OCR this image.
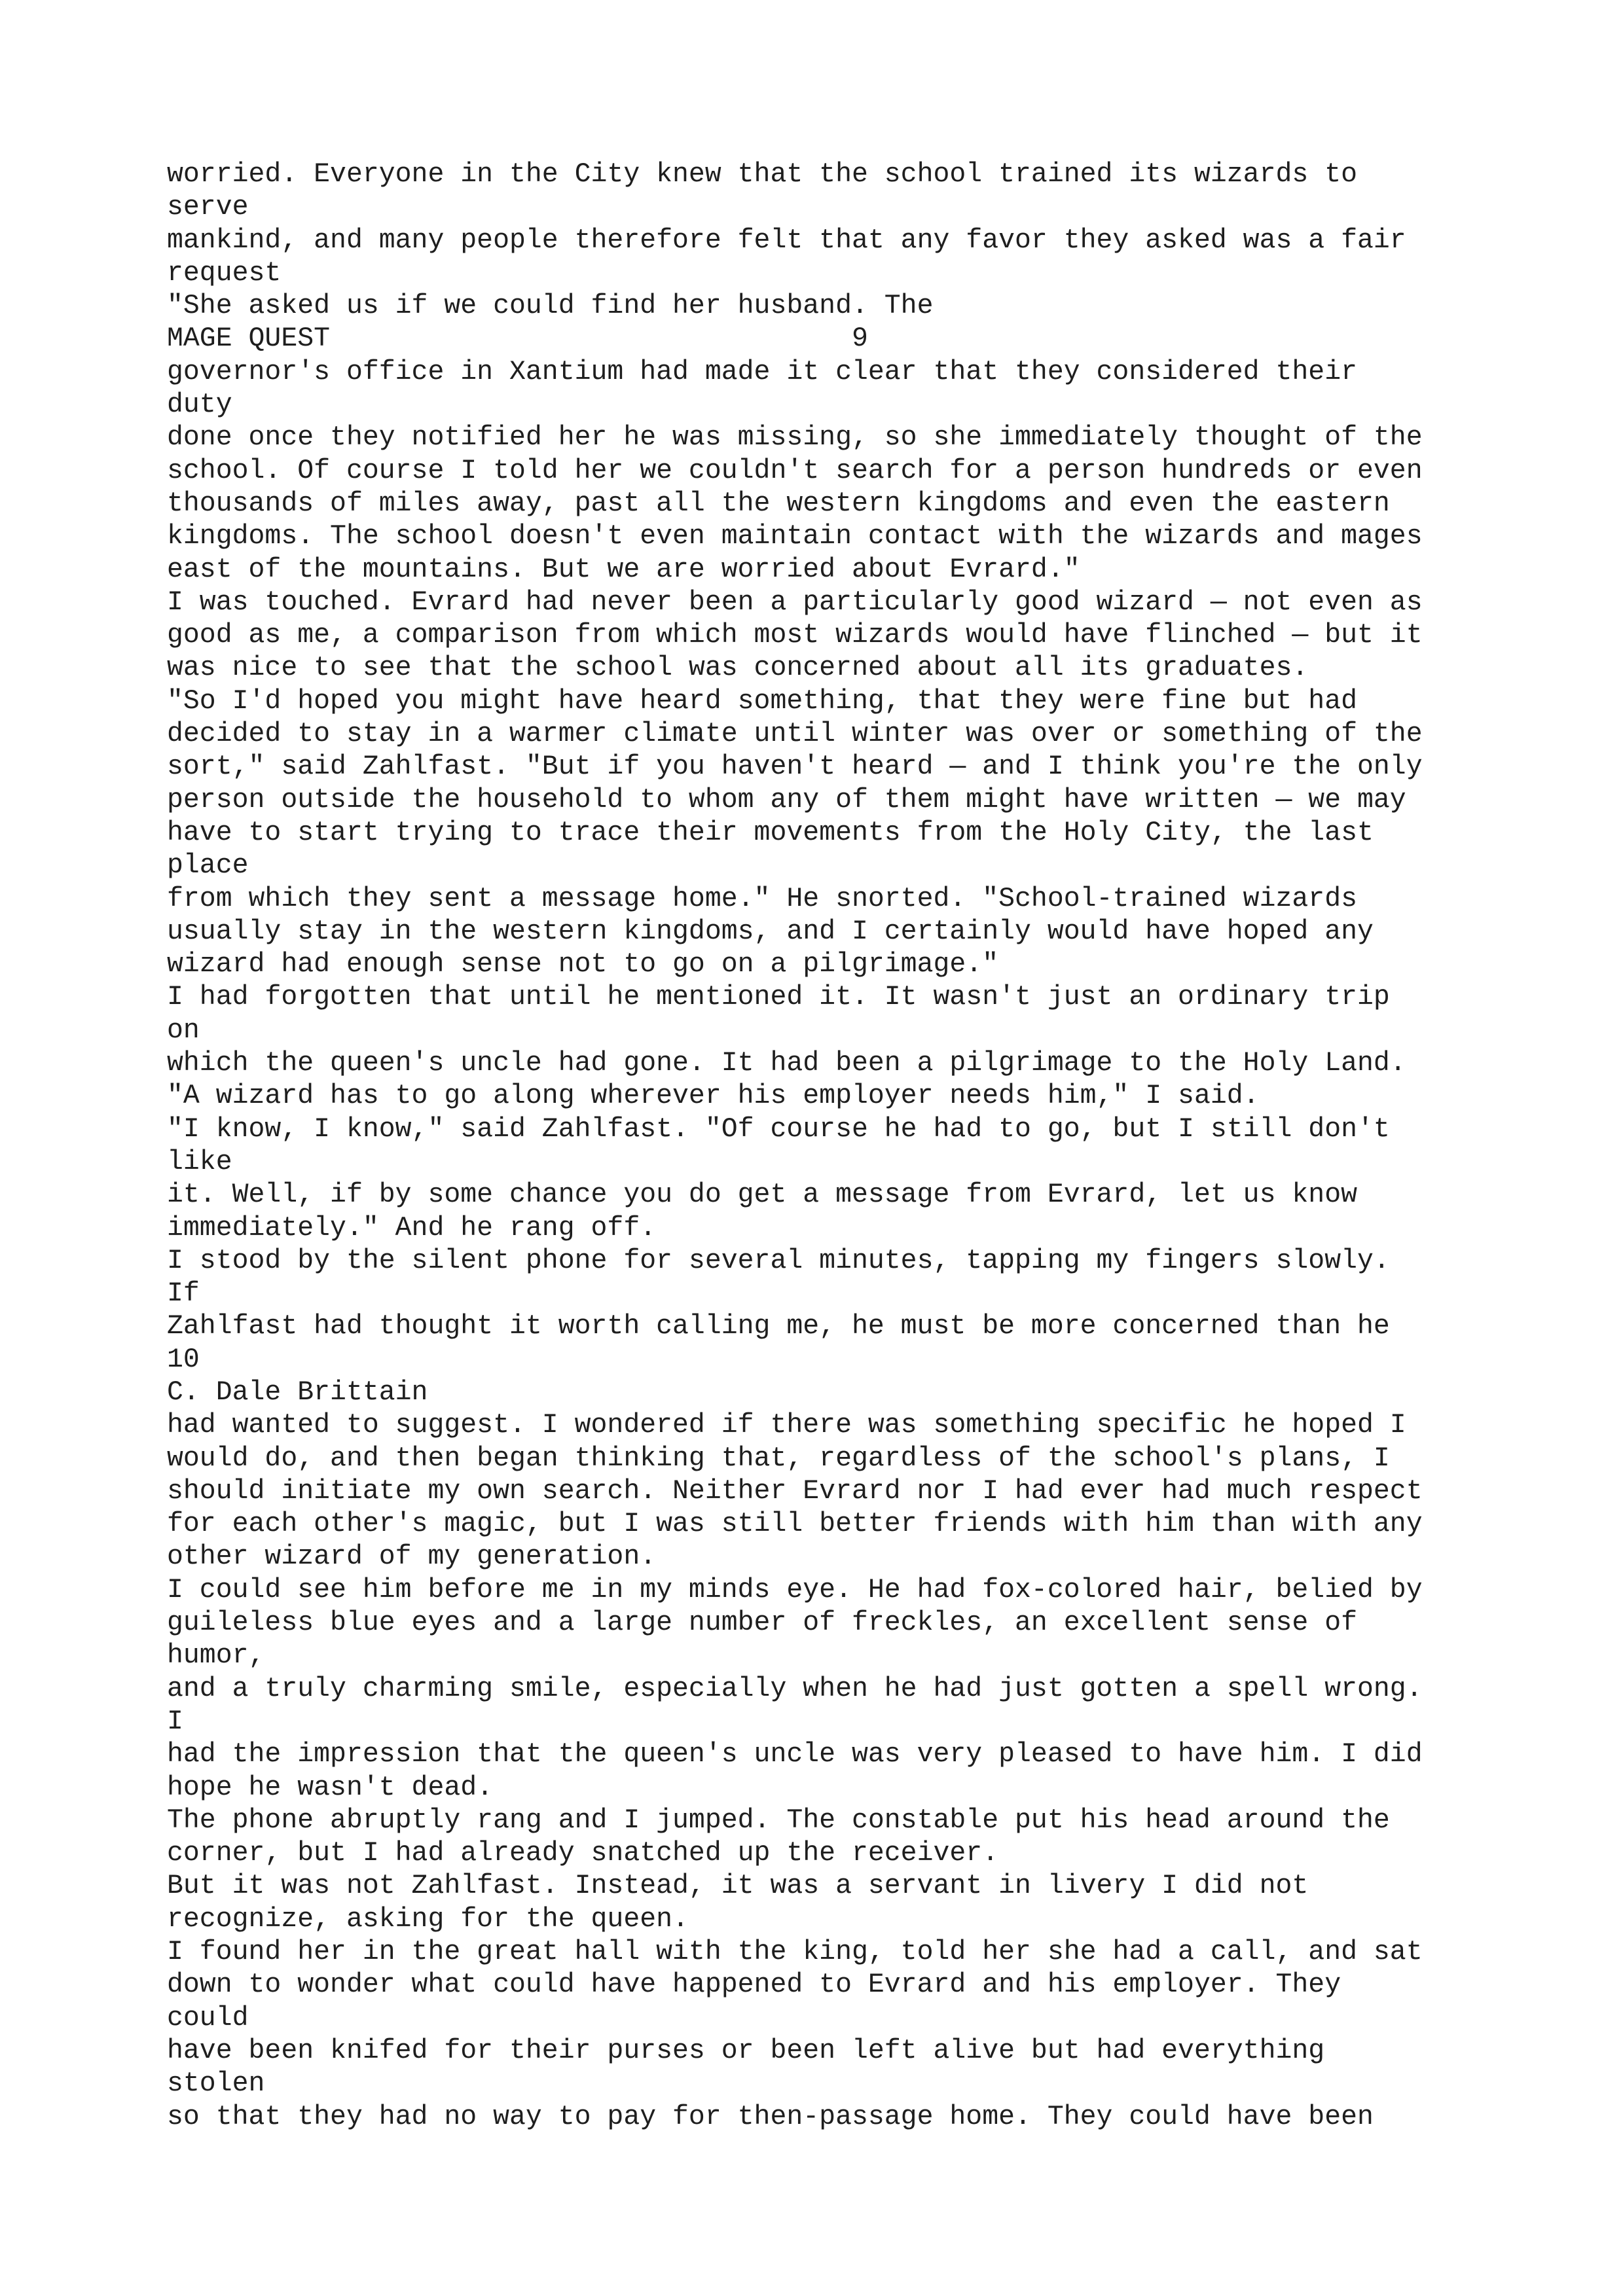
worried. Everyone in the City knew that the school trained its wizards to
serve
mankind, and many people therefore felt that any favor they asked was a fair
request
"She asked us if we could find her husband. The
MAGE QUEST                                9
governor's office in Xantium had made it clear that they considered their
duty
done once they notified her he was missing, so she immediately thought of the
school. Of course I told her we couldn't search for a person hundreds or even
thousands of miles away, past all the western kingdoms and even the eastern
kingdoms. The school doesn't even maintain contact with the wizards and mages
east of the mountains. But we are worried about Evrard."
I was touched. Evrard had never been a particularly good wizard — not even as
good as me, a comparison from which most wizards would have flinched — but it
was nice to see that the school was concerned about all its graduates.
"So I'd hoped you might have heard something, that they were fine but had
decided to stay in a warmer climate until winter was over or something of the
sort," said Zahlfast. "But if you haven't heard — and I think you're the only
person outside the household to whom any of them might have written — we may
have to start trying to trace their movements from the Holy City, the last
place
from which they sent a message home." He snorted. "School-trained wizards
usually stay in the western kingdoms, and I certainly would have hoped any
wizard had enough sense not to go on a pilgrimage."
I had forgotten that until he mentioned it. It wasn't just an ordinary trip
on
which the queen's uncle had gone. It had been a pilgrimage to the Holy Land.
"A wizard has to go along wherever his employer needs him," I said.
"I know, I know," said Zahlfast. "Of course he had to go, but I still don't
like
it. Well, if by some chance you do get a message from Evrard, let us know
immediately." And he rang off.
I stood by the silent phone for several minutes, tapping my fingers slowly.
If
Zahlfast had thought it worth calling me, he must be more concerned than he
10
C. Dale Brittain
had wanted to suggest. I wondered if there was something specific he hoped I
would do, and then began thinking that, regardless of the school's plans, I
should initiate my own search. Neither Evrard nor I had ever had much respect
for each other's magic, but I was still better friends with him than with any
other wizard of my generation.
I could see him before me in my minds eye. He had fox-colored hair, belied by
guileless blue eyes and a large number of freckles, an excellent sense of
humor,
and a truly charming smile, especially when he had just gotten a spell wrong.
I
had the impression that the queen's uncle was very pleased to have him. I did
hope he wasn't dead.
The phone abruptly rang and I jumped. The constable put his head around the
corner, but I had already snatched up the receiver.
But it was not Zahlfast. Instead, it was a servant in livery I did not
recognize, asking for the queen.
I found her in the great hall with the king, told her she had a call, and sat
down to wonder what could have happened to Evrard and his employer. They
could
have been knifed for their purses or been left alive but had everything
stolen
so that they had no way to pay for then-passage home. They could have been
